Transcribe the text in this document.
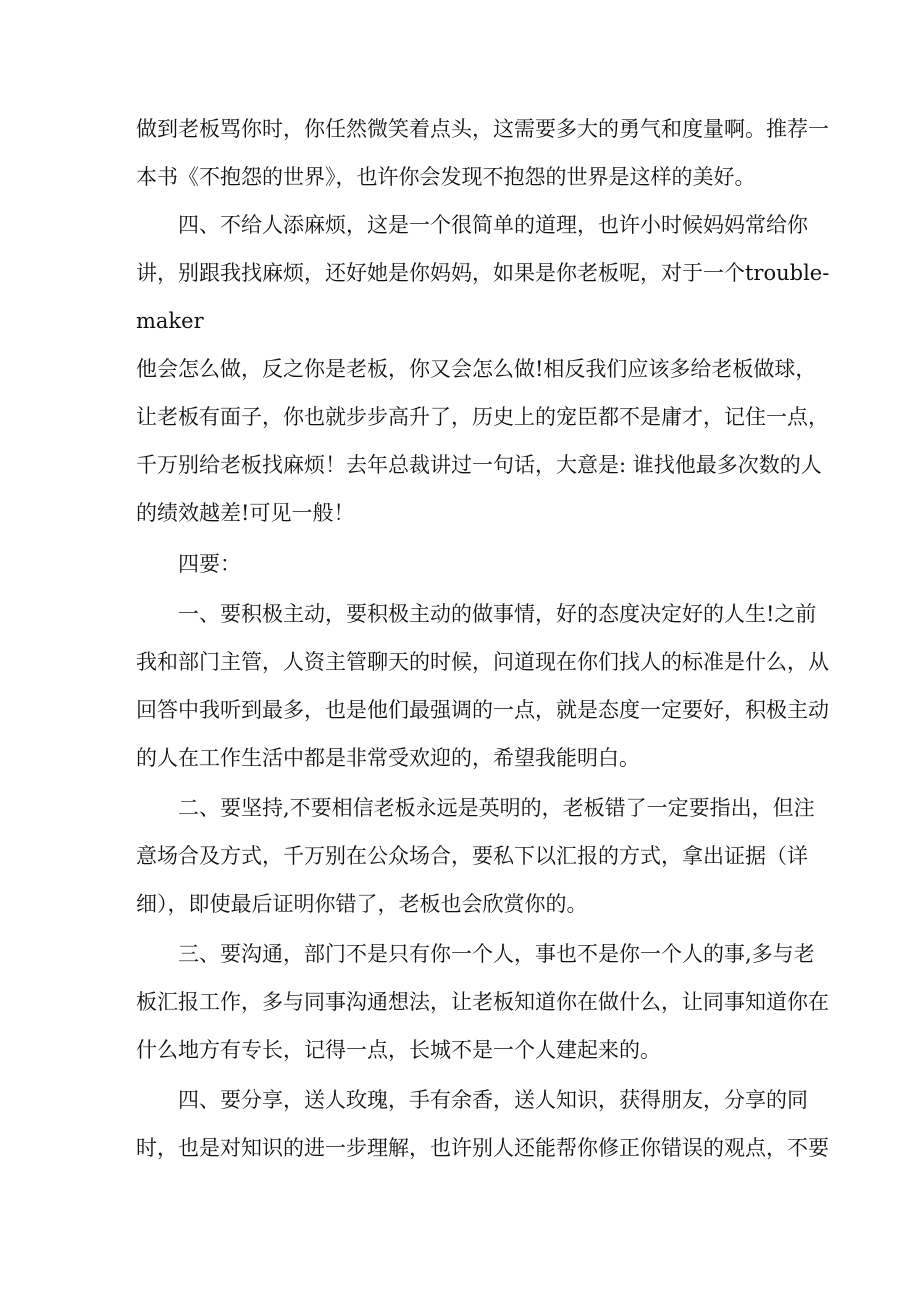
做到老板骂你时，你任然微笑着点头，这需要多大的勇气和度量啊。推荐一
本书《不抱怨的世界》，也许你会发现不抱怨的世界是这样的美好。
四、不给人添麻烦，这是一个很简单的道理，也许小时候妈妈常给你
讲，别跟我找麻烦，还好她是你妈妈，如果是你老板呢，对于一个trouble-
maker
他会怎么做，反之你是老板，你又会怎么做!相反我们应该多给老板做球，
让老板有面子，你也就步步高升了，历史上的宠臣都不是庸才，记住一点，
千万别给老板找麻烦！去年总裁讲过一句话，大意是: 谁找他最多次数的人
的绩效越差!可见一般！
四要：
一、要积极主动，要积极主动的做事情，好的态度决定好的人生!之前
我和部门主管，人资主管聊天的时候，问道现在你们找人的标准是什么，从
回答中我听到最多，也是他们最强调的一点，就是态度一定要好，积极主动
的人在工作生活中都是非常受欢迎的，希望我能明白。
二、要坚持,不要相信老板永远是英明的，老板错了一定要指出，但注
意场合及方式，千万别在公众场合，要私下以汇报的方式，拿出证据（详
细），即使最后证明你错了，老板也会欣赏你的。
三、要沟通，部门不是只有你一个人，事也不是你一个人的事,多与老
板汇报工作，多与同事沟通想法，让老板知道你在做什么，让同事知道你在
什么地方有专长，记得一点，长城不是一个人建起来的。
四、要分享，送人玫瑰，手有余香，送人知识，获得朋友，分享的同
时，也是对知识的进一步理解，也许别人还能帮你修正你错误的观点，不要
